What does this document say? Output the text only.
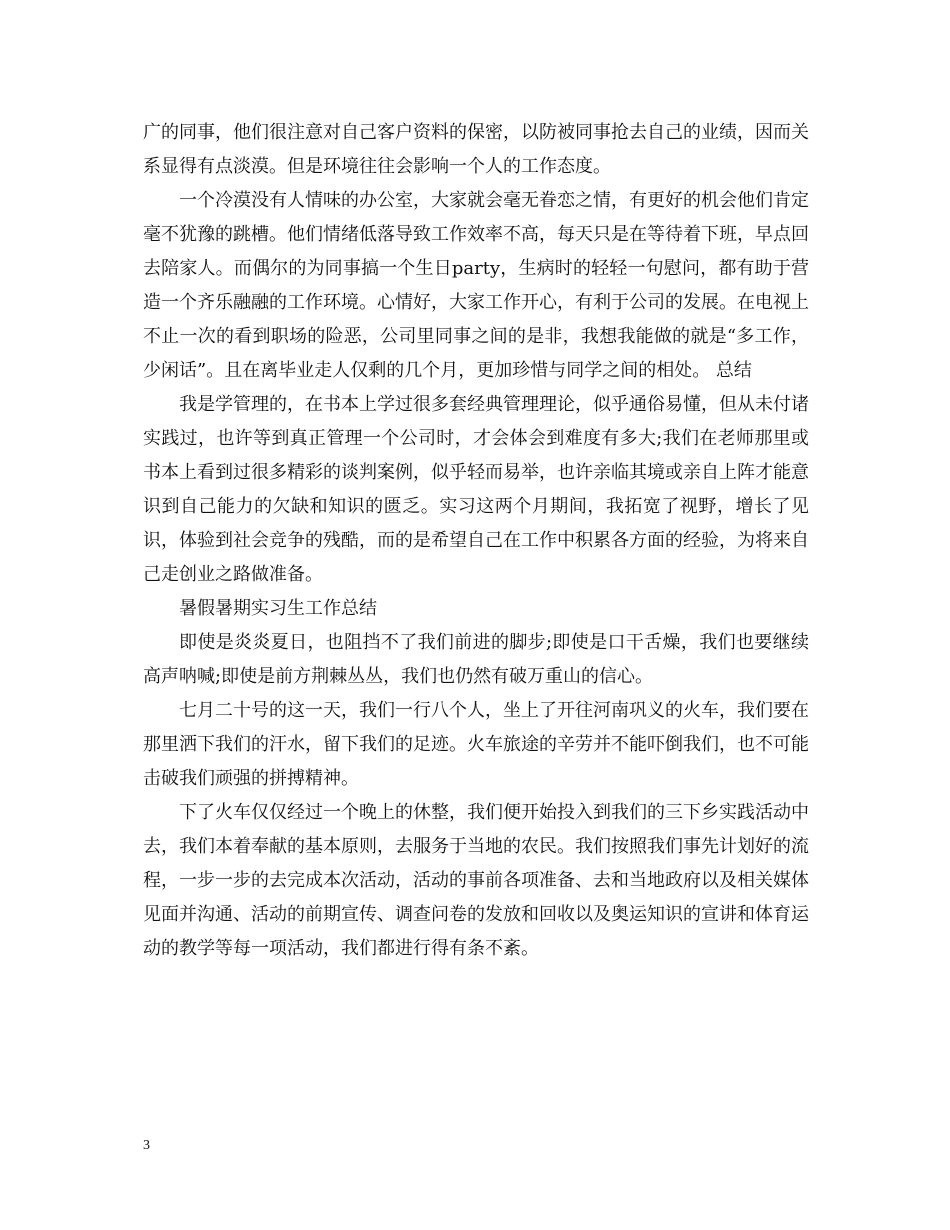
广的同事，他们很注意对自己客户资料的保密，以防被同事抢去自己的业绩，因而关系显得有点淡漠。但是环境往往会影响一个人的工作态度。

一个冷漠没有人情味的办公室，大家就会毫无眷恋之情，有更好的机会他们肯定毫不犹豫的跳槽。他们情绪低落导致工作效率不高，每天只是在等待着下班，早点回去陪家人。而偶尔的为同事搞一个生日party，生病时的轻轻一句慰问，都有助于营造一个齐乐融融的工作环境。心情好，大家工作开心，有利于公司的发展。在电视上不止一次的看到职场的险恶，公司里同事之间的是非，我想我能做的就是“多工作，少闲话”。且在离毕业走人仅剩的几个月，更加珍惜与同学之间的相处。 总结

我是学管理的，在书本上学过很多套经典管理理论，似乎通俗易懂，但从未付诸实践过，也许等到真正管理一个公司时，才会体会到难度有多大;我们在老师那里或书本上看到过很多精彩的谈判案例，似乎轻而易举，也许亲临其境或亲自上阵才能意识到自己能力的欠缺和知识的匮乏。实习这两个月期间，我拓宽了视野，增长了见识，体验到社会竞争的残酷，而的是希望自己在工作中积累各方面的经验，为将来自己走创业之路做准备。

暑假暑期实习生工作总结

即使是炎炎夏日，也阻挡不了我们前进的脚步;即使是口干舌燥，我们也要继续高声呐喊;即使是前方荆棘丛丛，我们也仍然有破万重山的信心。

七月二十号的这一天，我们一行八个人，坐上了开往河南巩义的火车，我们要在那里洒下我们的汗水，留下我们的足迹。火车旅途的辛劳并不能吓倒我们，也不可能击破我们顽强的拼搏精神。

下了火车仅仅经过一个晚上的休整，我们便开始投入到我们的三下乡实践活动中去，我们本着奉献的基本原则，去服务于当地的农民。我们按照我们事先计划好的流程，一步一步的去完成本次活动，活动的事前各项准备、去和当地政府以及相关媒体见面并沟通、活动的前期宣传、调查问卷的发放和回收以及奥运知识的宣讲和体育运动的教学等每一项活动，我们都进行得有条不紊。

3
